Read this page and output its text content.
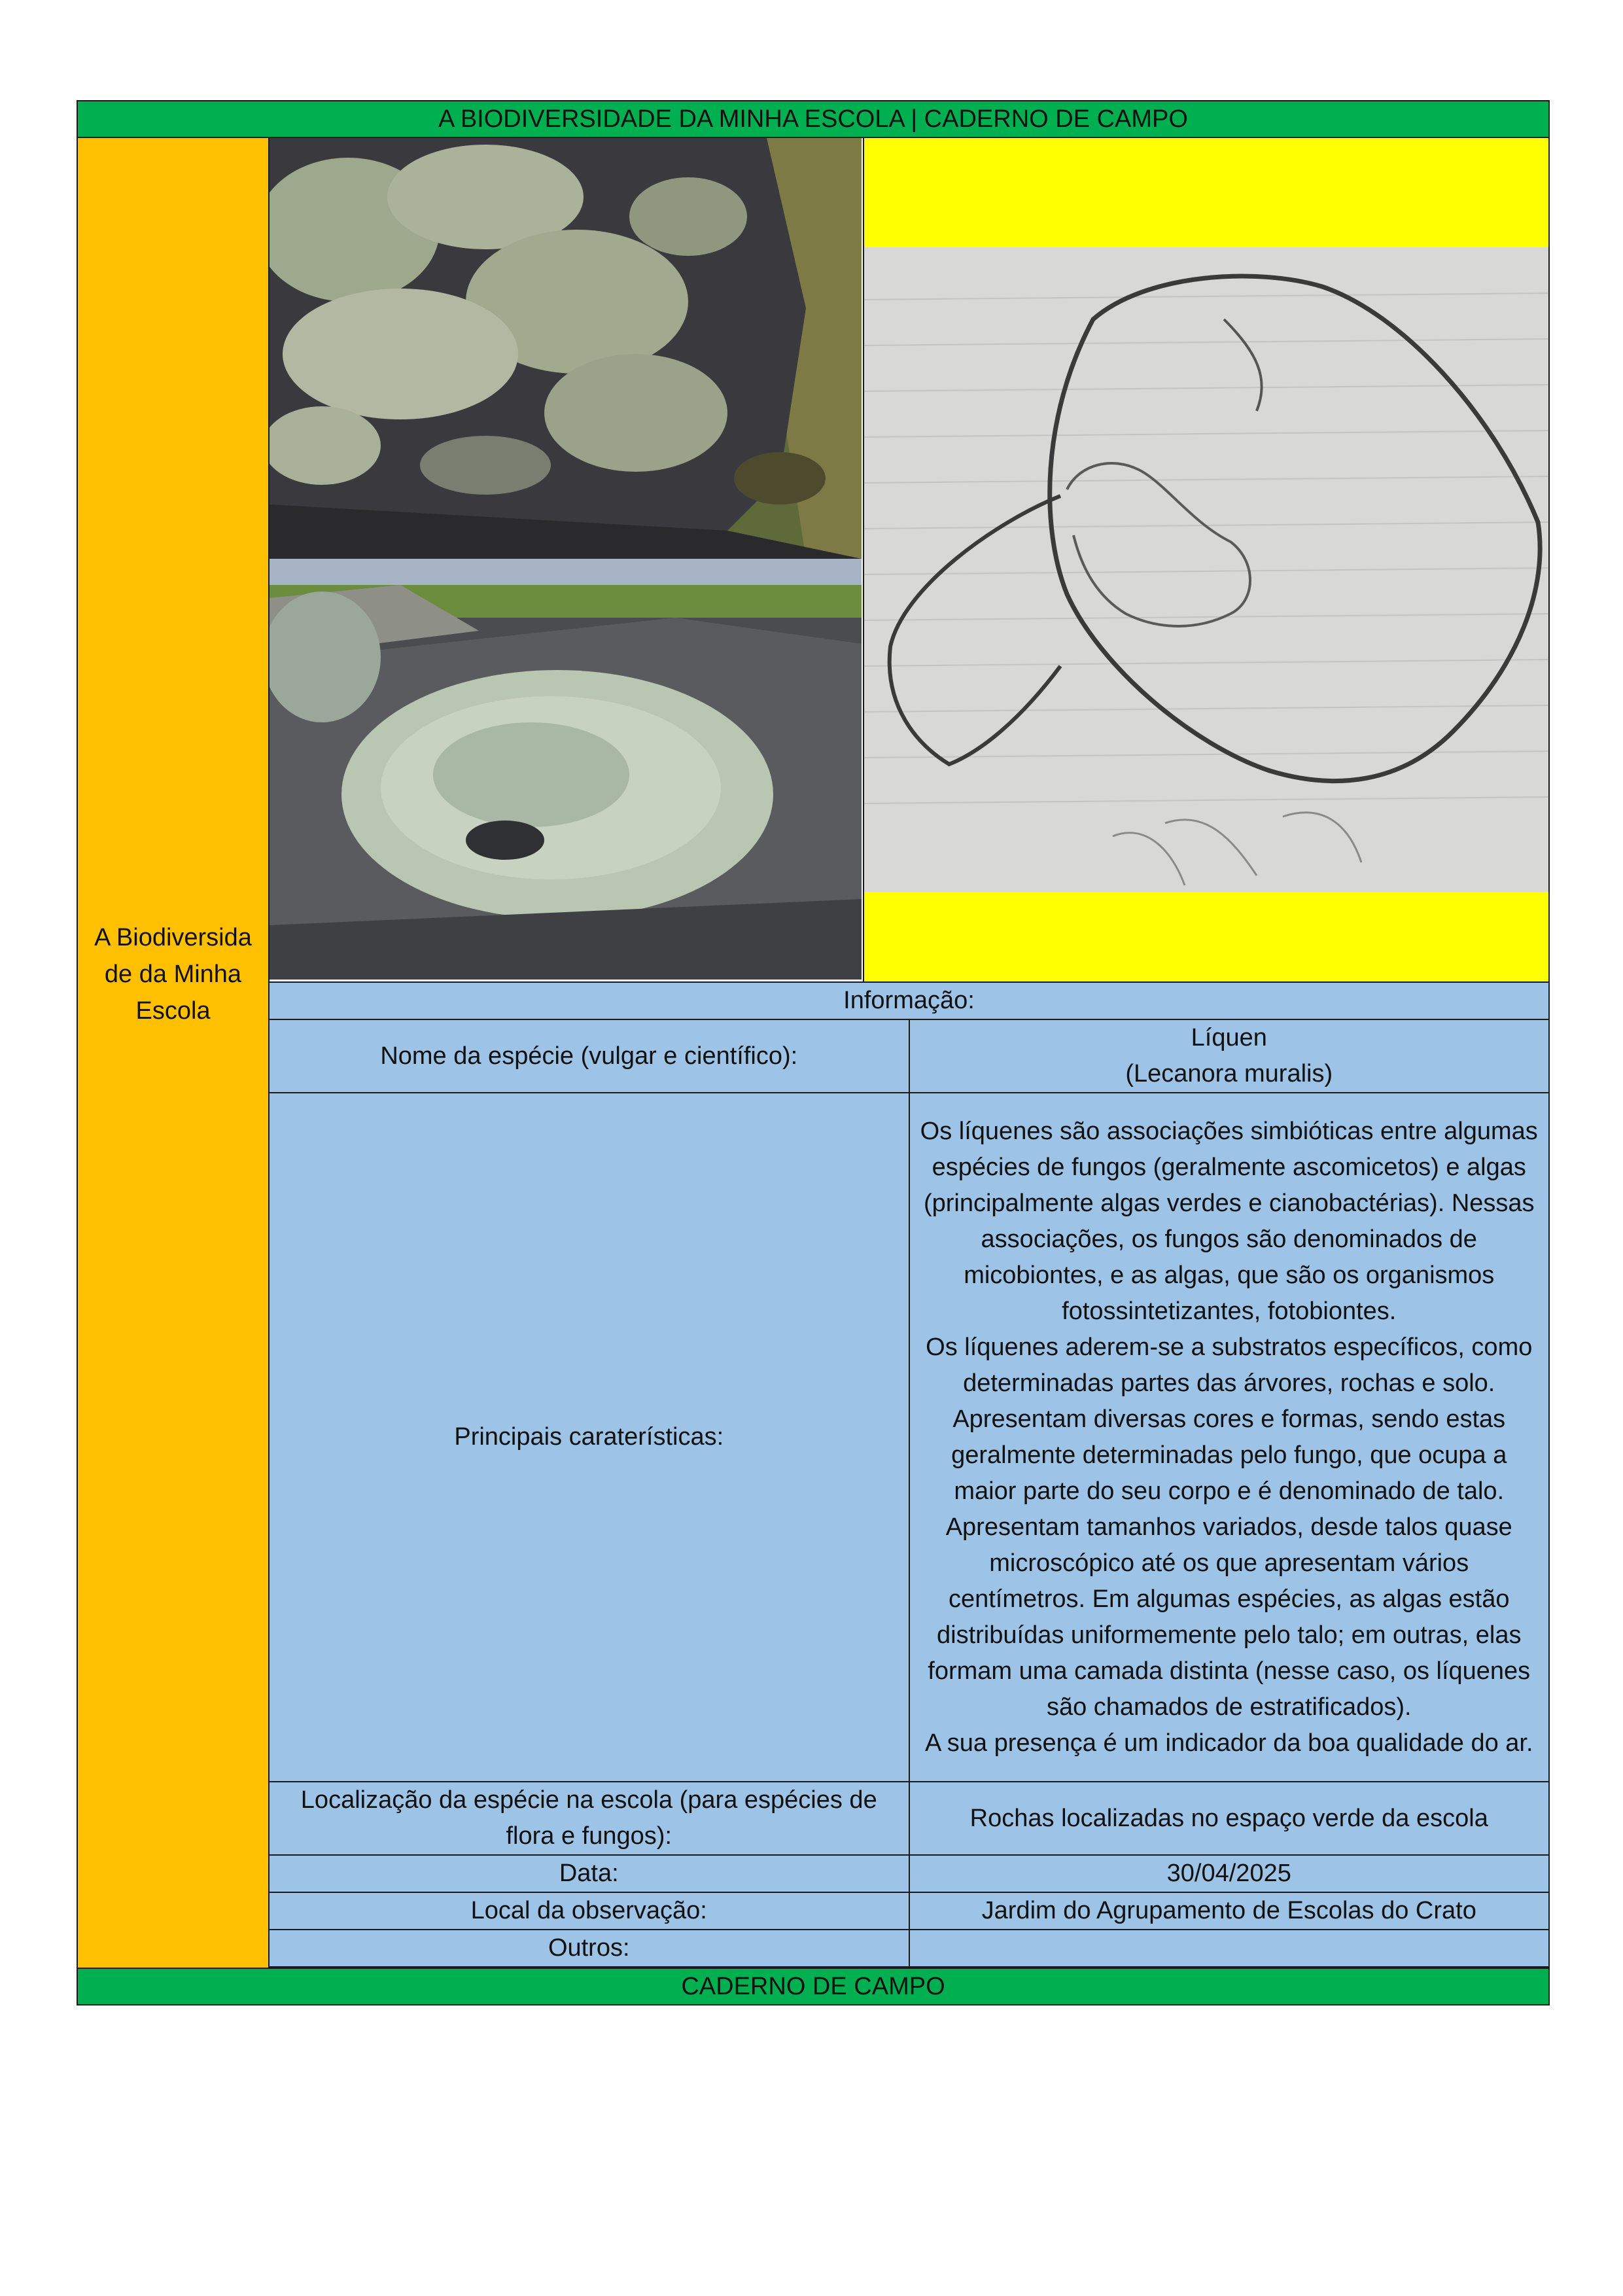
A BIODIVERSIDADE DA MINHA ESCOLA | CADERNO DE CAMPO
A Biodiversida de da Minha Escola	Informação:	
Nome da espécie (vulgar e científico):	Líquen
(Lecanora muralis)

Principais caraterísticas:	Os líquenes são associações simbióticas entre algumas espécies de fungos (geralmente ascomicetos) e algas (principalmente algas verdes e cianobactérias). Nessas associações, os fungos são denominados de micobiontes, e as algas, que são os organismos fotossintetizantes, fotobiontes.
Os líquenes aderem-se a substratos específicos, como determinadas partes das árvores, rochas e solo. Apresentam diversas cores e formas, sendo estas geralmente determinadas pelo fungo, que ocupa a maior parte do seu corpo e é denominado de talo. Apresentam tamanhos variados, desde talos quase microscópico até os que apresentam vários centímetros. Em algumas espécies, as algas estão distribuídas uniformemente pelo talo; em outras, elas formam uma camada distinta (nesse caso, os líquenes são chamados de estratificados).
A sua presença é um indicador da boa qualidade do ar.

Localização da espécie na escola (para espécies de flora e fungos):	Rochas localizadas no espaço verde da escola
Data:	30/04/2025
Local da observação:	Jardim do Agrupamento de Escolas do Crato
Outros:	
CADERNO DE CAMPO
